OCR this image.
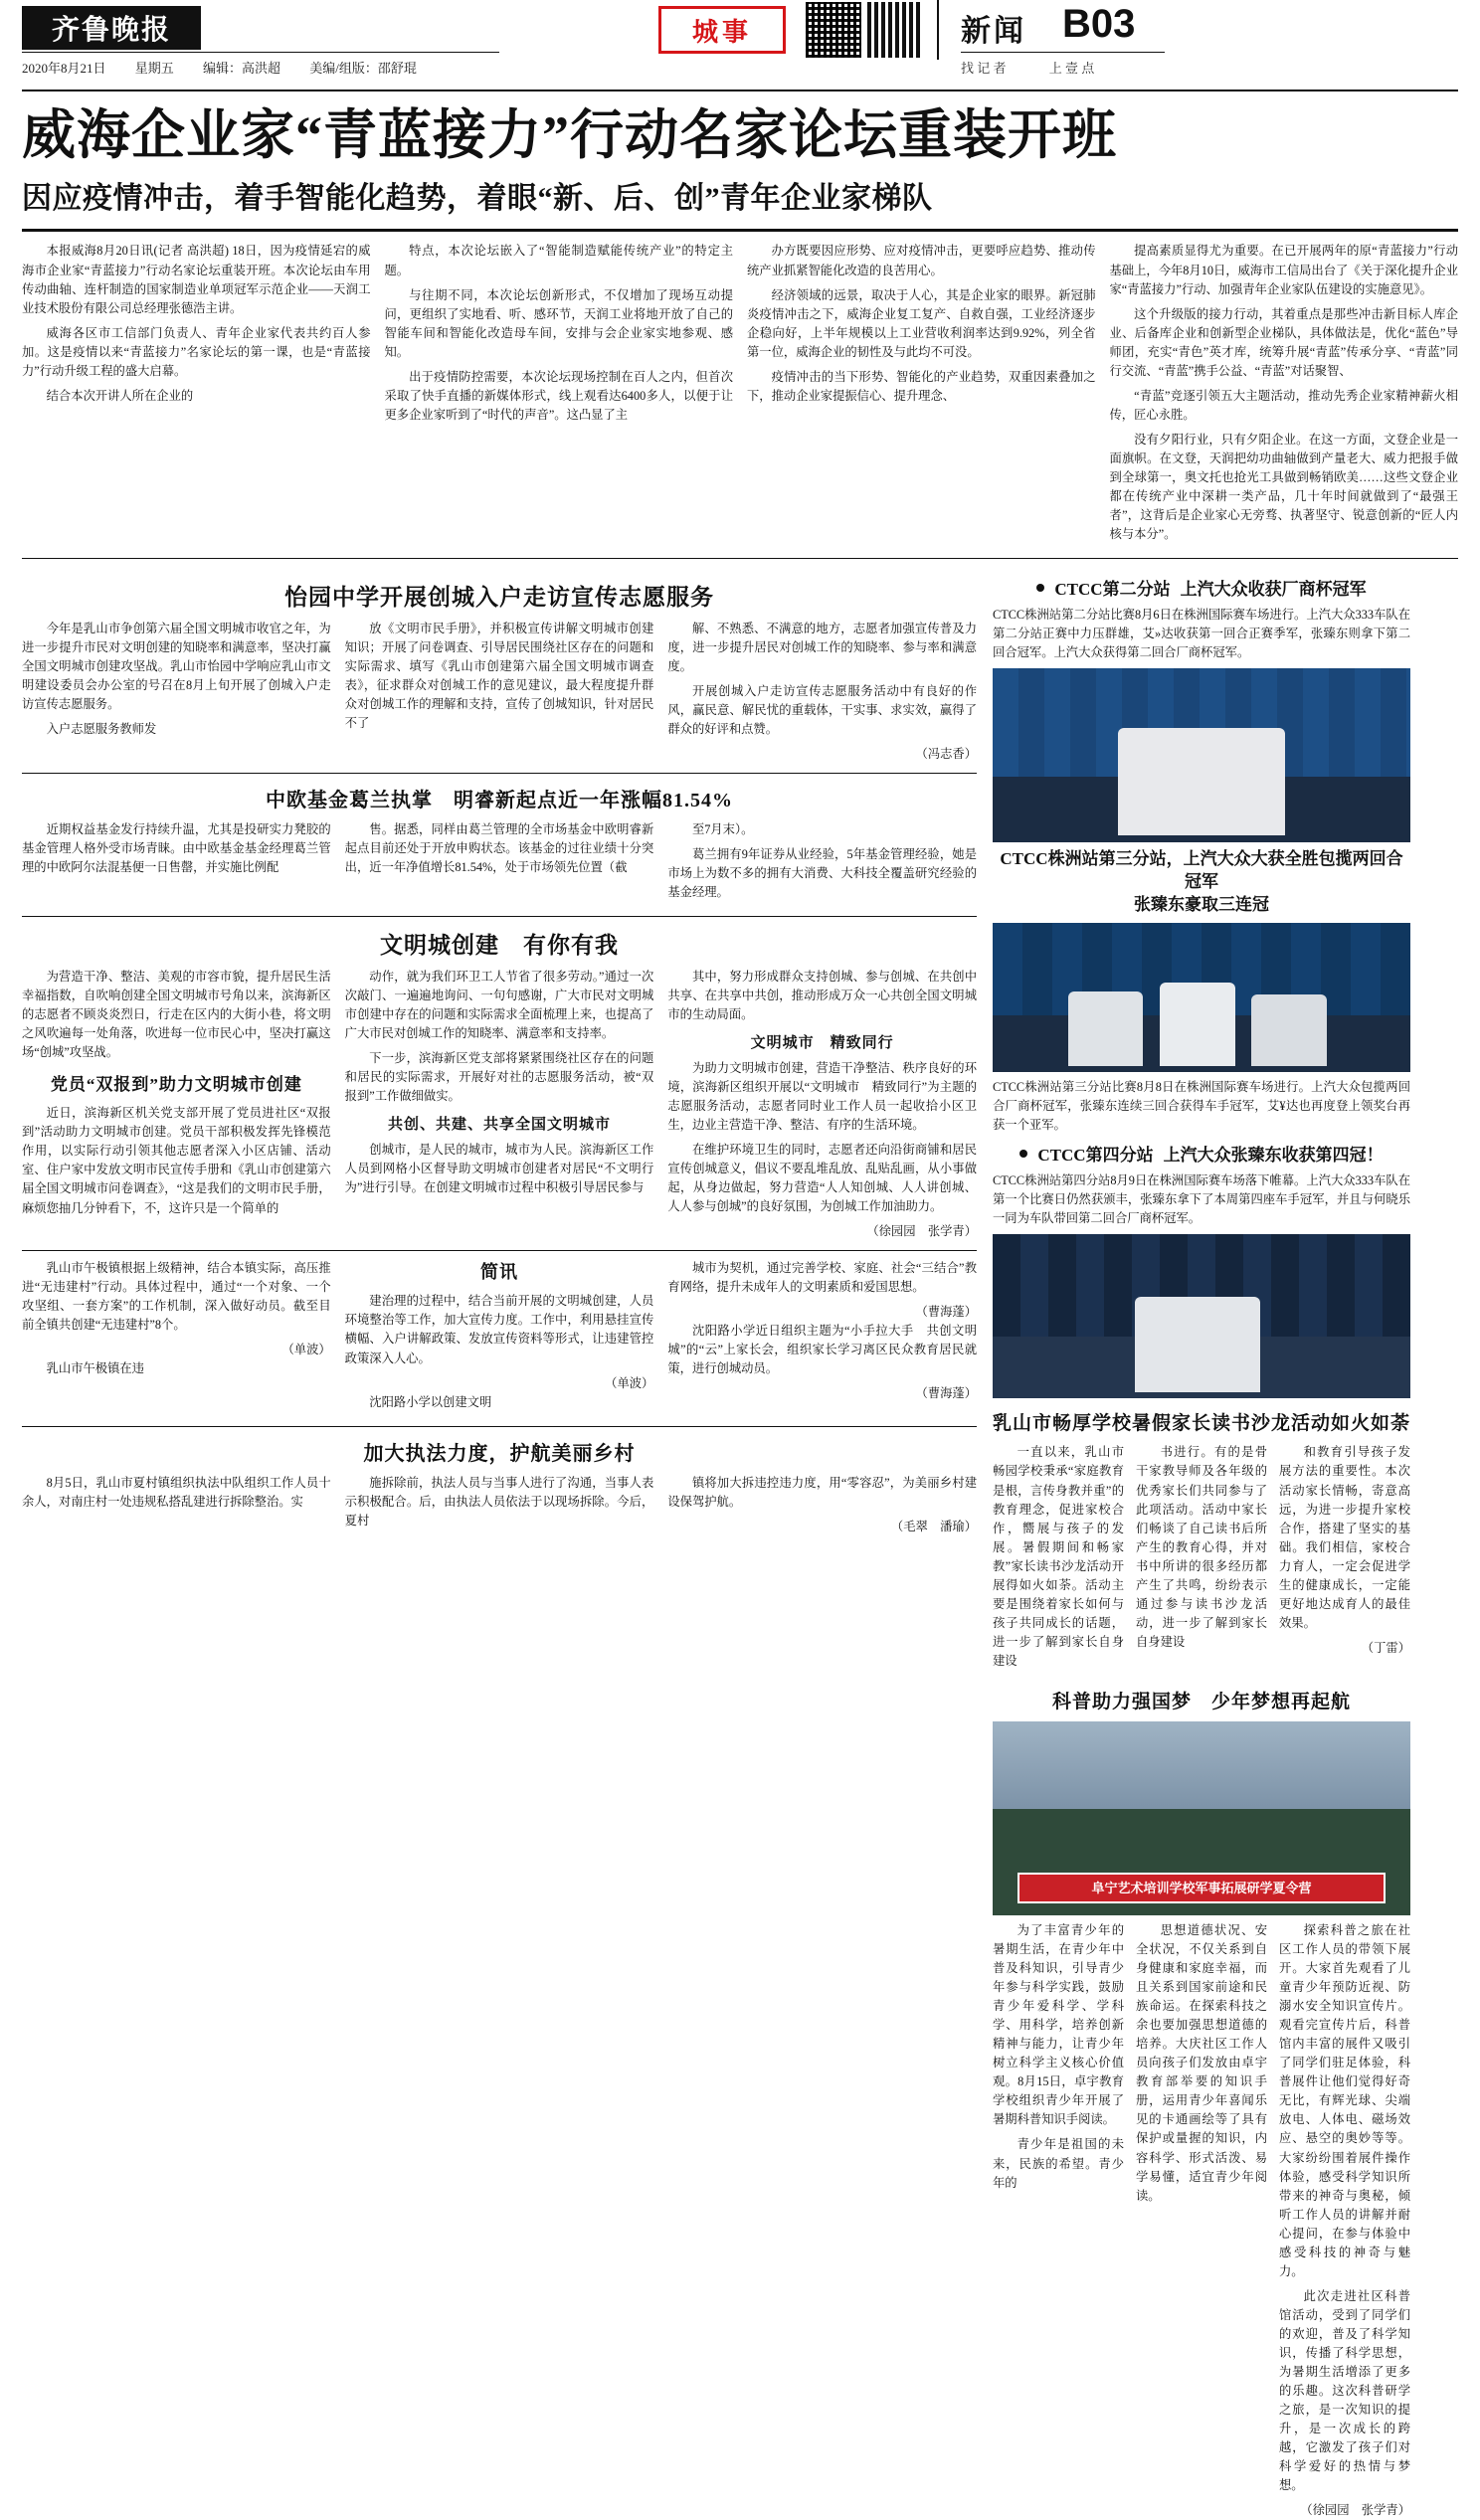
齐鲁晚报
2020年8月21日 星期五 编辑：高洪超 美编/组版：邵舒琨
城事	新闻 B03
找 记 者	上 壹 点
威海企业家“青蓝接力”行动名家论坛重装开班
因应疫情冲击，着手智能化趋势，着眼“新、后、创”青年企业家梯队

本报威海8月20日讯(记者 高洪超) 18日，因为疫情延宕的威海市企业家“青蓝接力”行动名家论坛重装开班。本次论坛由车用传动曲轴、连杆制造的国家制造业单项冠军示范企业——天润工业技术股份有限公司总经理张德浩主讲。

威海各区市工信部门负责人、青年企业家代表共约百人参加。这是疫情以来“青蓝接力”名家论坛的第一课，也是“青蓝接力”行动升级工程的盛大启幕。

结合本次开讲人所在企业的

特点，本次论坛嵌入了“智能制造赋能传统产业”的特定主题。

与往期不同，本次论坛创新形式，不仅增加了现场互动提问，更组织了实地看、听、感环节，天润工业将地开放了自己的智能车间和智能化改造母车间，安排与会企业家实地参观、感知。

出于疫情防控需要，本次论坛现场控制在百人之内，但首次采取了快手直播的新媒体形式，线上观看达6400多人，以便于让更多企业家听到了“时代的声音”。这凸显了主

办方既要因应形势、应对疫情冲击，更要呼应趋势、推动传统产业抓紧智能化改造的良苦用心。

经济领域的远景，取决于人心，其是企业家的眼界。新冠肺炎疫情冲击之下，威海企业复工复产、自救自强，工业经济逐步企稳向好，上半年规模以上工业营收利润率达到9.92%，列全省第一位，威海企业的韧性及与此均不可没。

疫情冲击的当下形势、智能化的产业趋势，双重因素叠加之下，推动企业家提振信心、提升理念、

提高素质显得尤为重要。在已开展两年的原“青蓝接力”行动基础上，今年8月10日，威海市工信局出台了《关于深化提升企业家“青蓝接力”行动、加强青年企业家队伍建设的实施意见》。

这个升级版的接力行动，其着重点是那些冲击新目标人库企业、后备库企业和创新型企业梯队，具体做法是，优化“蓝色”导师团，充实“青色”英才库，统筹升展“青蓝”传承分享、“青蓝”同行交流、“青蓝”携手公益、“青蓝”对话聚智、

“青蓝”竞逐引领五大主题活动，推动先秀企业家精神薪火相传，匠心永胜。

没有夕阳行业，只有夕阳企业。在这一方面，文登企业是一面旗帜。在文登，天润把幼功曲轴做到产量老大、威力把报手做到全球第一，奥文托也抢光工具做到畅销欧美……这些文登企业都在传统产业中深耕一类产品，几十年时间就做到了“最强王者”，这背后是企业家心无旁骛、执著坚守、锐意创新的“匠人内核与本分”。

怡园中学开展创城入户走访宣传志愿服务

今年是乳山市争创第六届全国文明城市收官之年，为进一步提升市民对文明创建的知晓率和满意率，坚决打赢全国文明城市创建攻坚战。乳山市怡园中学响应乳山市文明建设委员会办公室的号召在8月上旬开展了创城入户走访宣传志愿服务。

入户志愿服务教师发

放《文明市民手册》，并积极宣传讲解文明城市创建知识；开展了问卷调查、引导居民围绕社区存在的问题和实际需求、填写《乳山市创建第六届全国文明城市调查表》，征求群众对创城工作的意见建议，最大程度提升群众对创城工作的理解和支持，宣传了创城知识，针对居民不了

解、不熟悉、不满意的地方，志愿者加强宣传普及力度，进一步提升居民对创城工作的知晓率、参与率和满意度。

开展创城入户走访宣传志愿服务活动中有良好的作风，赢民意、解民忧的重载体，干实事、求实效，赢得了群众的好评和点赞。

（冯志香）
中欧基金葛兰执掌　明睿新起点近一年涨幅81.54%

近期权益基金发行持续升温，尤其是投研实力凳胶的基金管理人格外受市场青睐。由中欧基金基金经理葛兰管理的中欧阿尔法混基便一日售罄，并实施比例配

售。据悉，同样由葛兰管理的全市场基金中欧明睿新起点目前还处于开放申购状态。该基金的过往业绩十分突出，近一年净值增长81.54%，处于市场领先位置（截

至7月末）。

葛兰拥有9年证券从业经验，5年基金管理经验，她是市场上为数不多的拥有大消费、大科技全覆盖研究经验的基金经理。

文明城创建　有你有我

为营造干净、整洁、美观的市容市貌，提升居民生活幸福指数，自吹响创建全国文明城市号角以来，滨海新区的志愿者不顾炎炎烈日，行走在区内的大街小巷，将文明之风吹遍每一处角落，吹进每一位市民心中，坚决打赢这场“创城”攻坚战。

党员“双报到”助力文明城市创建

近日，滨海新区机关党支部开展了党员进社区“双报到”活动助力文明城市创建。党员干部积极发挥先锋模范作用，以实际行动引领其他志愿者深入小区店铺、活动室、住户家中发放文明市民宣传手册和《乳山市创建第六届全国文明城市问卷调查》，“这是我们的文明市民手册，麻烦您抽几分钟看下，不，这许只是一个简单的

动作，就为我们环卫工人节省了很多劳动。”通过一次次敲门、一遍遍地询问、一句句感谢，广大市民对文明城市创建中存在的问题和实际需求全面梳理上来，也提高了广大市民对创城工作的知晓率、满意率和支持率。

下一步，滨海新区党支部将紧紧围绕社区存在的问题和居民的实际需求，开展好对社的志愿服务活动，被“双报到”工作做细做实。

共创、共建、共享全国文明城市

创城市，是人民的城市，城市为人民。滨海新区工作人员到网格小区督导助文明城市创建者对居民“不文明行为”进行引导。在创建文明城市过程中积极引导居民参与

其中，努力形成群众支持创城、参与创城、在共创中共享、在共享中共创，推动形成万众一心共创全国文明城市的生动局面。

文明城市　精致同行

为助力文明城市创建，营造干净整洁、秩序良好的环境，滨海新区组织开展以“文明城市　精致同行”为主题的志愿服务活动，志愿者同时业工作人员一起收拾小区卫生，边业主营造干净、整洁、有序的生活环境。

在维护环境卫生的同时，志愿者还向沿街商铺和居民宣传创城意义，倡议不要乱堆乱放、乱贴乱画，从小事做起，从身边做起，努力营造“人人知创城、人人讲创城、人人参与创城”的良好氛围，为创城工作加油助力。

（徐园园　张学青）

乳山市午极镇根据上级精神，结合本镇实际，高压推进“无违建村”行动。具体过程中，通过“一个对象、一个攻坚组、一套方案”的工作机制，深入做好动员。截至目前全镇共创建“无违建村”8个。

（单波）

乳山市午极镇在违

简讯

建治理的过程中，结合当前开展的文明城创建，人员环境整治等工作，加大宣传力度。工作中，利用悬挂宣传横幅、入户讲解政策、发放宣传资料等形式，让违建管控政策深入人心。

（单波）

沈阳路小学以创建文明

城市为契机，通过完善学校、家庭、社会“三结合”教育网络，提升未成年人的文明素质和爱国思想。

（曹海蓬）

沈阳路小学近日组织主题为“小手拉大手　共创文明城”的“云”上家长会，组织家长学习离区民众教育居民就策，进行创城动员。

（曹海蓬）
加大执法力度，护航美丽乡村

8月5日，乳山市夏村镇组织执法中队组织工作人员十余人，对南庄村一处违规私搭乱建进行拆除整治。实

施拆除前，执法人员与当事人进行了沟通，当事人表示积极配合。后，由执法人员依法于以现场拆除。今后，夏村

镇将加大拆违控违力度，用“零容忍”，为美丽乡村建设保驾护航。

（毛翠　潘瑜）
CTCC第二分站 上汽大众收获厂商杯冠军
CTCC株洲站第二分站比赛8月6日在株洲国际赛车场进行。上汽大众333车队在第二分站正赛中力压群雄，艾»达收获第一回合正赛季军，张臻东则拿下第二回合冠军。上汽大众获得第二回合厂商杯冠军。
CTCC株洲站第三分站，上汽大众大获全胜包揽两回合冠军
张臻东豪取三连冠
CTCC株洲站第三分站比赛8月8日在株洲国际赛车场进行。上汽大众包揽两回合厂商杯冠军，张臻东连续三回合获得车手冠军，艾¥达也再度登上领奖台再获一个亚军。
CTCC第四分站 上汽大众张臻东收获第四冠！
CTCC株洲站第四分站8月9日在株洲国际赛车场落下帷幕。上汽大众333车队在第一个比赛日仍然获颁丰，张臻东拿下了本周第四座车手冠军，并且与何晓乐一同为车队带回第二回合厂商杯冠军。
乳山市畅厚学校暑假家长读书沙龙活动如火如荼

一直以来，乳山市畅园学校秉承“家庭教育是根，言传身教并重”的教育理念，促进家校合作，嚮展与孩子的发展。暑假期间和畅家教”家长读书沙龙活动开展得如火如荼。活动主要是围绕着家长如何与孩子共同成长的话题，进一步了解到家长自身建设

书进行。有的是骨干家教导师及各年级的优秀家长们共同参与了此项活动。活动中家长们畅谈了自己读书后所产生的教育心得，并对书中所讲的很多经历都产生了共鸣，纷纷表示通过参与读书沙龙活动，进一步了解到家长自身建设

和教育引导孩子发展方法的重要性。本次活动家长情畅，寄意高远，为进一步提升家校合作，搭建了坚实的基础。我们相信，家校合力育人，一定会促进学生的健康成长，一定能更好地达成育人的最佳效果。

（丁雷）
科普助力强国梦　少年梦想再起航
阜宁艺术培训学校军事拓展研学夏令营

为了丰富青少年的暑期生活，在青少年中普及科知识，引导青少年参与科学实践，鼓励青少年爱科学、学科学、用科学，培养创新精神与能力，让青少年树立科学主义核心价值观。8月15日，卓宇教育学校组织青少年开展了暑期科普知识手阅读。

青少年是祖国的未来，民族的希望。青少年的

思想道德状况、安全状况，不仅关系到自身健康和家庭幸福，而且关系到国家前途和民族命运。在探索科技之余也要加强思想道德的培养。大庆社区工作人员向孩子们发放由卓宇教育部举要的知识手册，运用青少年喜闻乐见的卡通画绘等了具有保护或量握的知识，内容科学、形式活泼、易学易懂，适宜青少年阅读。

探索科普之旅在社区工作人员的带领下展开。大家首先观看了儿童青少年预防近视、防溺水安全知识宣传片。观看完宣传片后，科普馆内丰富的展件又吸引了同学们驻足体验，科普展件让他们觉得好奇无比，有辉光球、尖端放电、人体电、磁场效应、悬空的奥妙等等。大家纷纷围着展件操作体验，感受科学知识所带来的神奇与奥秘，倾听工作人员的讲解并耐心提问，在参与体验中感受科技的神奇与魅力。

此次走进社区科普馆活动，受到了同学们的欢迎，普及了科学知识，传播了科学思想，为暑期生活增添了更多的乐趣。这次科普研学之旅，是一次知识的提升，是一次成长的跨越，它激发了孩子们对科学爱好的热情与梦想。

（徐园园　张学青）
